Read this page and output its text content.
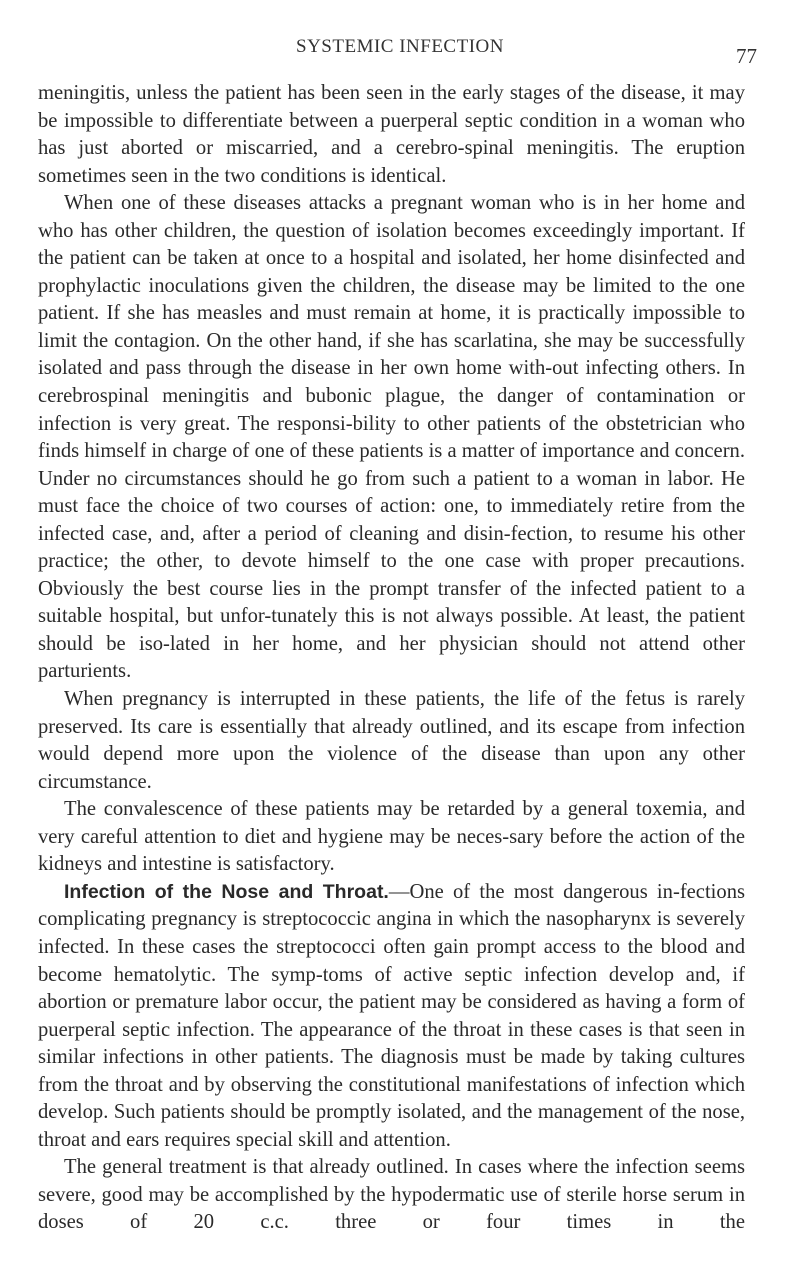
SYSTEMIC INFECTION	77

meningitis, unless the patient has been seen in the early stages of the disease, it may be impossible to differentiate between a puerperal septic condition in a woman who has just aborted or miscarried, and a cerebro-spinal meningitis. The eruption sometimes seen in the two conditions is identical.

When one of these diseases attacks a pregnant woman who is in her home and who has other children, the question of isolation becomes exceedingly important. If the patient can be taken at once to a hospital and isolated, her home disinfected and prophylactic inoculations given the children, the disease may be limited to the one patient. If she has measles and must remain at home, it is practically impossible to limit the contagion. On the other hand, if she has scarlatina, she may be successfully isolated and pass through the disease in her own home with-out infecting others. In cerebrospinal meningitis and bubonic plague, the danger of contamination or infection is very great. The responsi-bility to other patients of the obstetrician who finds himself in charge of one of these patients is a matter of importance and concern. Under no circumstances should he go from such a patient to a woman in labor. He must face the choice of two courses of action: one, to immediately retire from the infected case, and, after a period of cleaning and disin-fection, to resume his other practice; the other, to devote himself to the one case with proper precautions. Obviously the best course lies in the prompt transfer of the infected patient to a suitable hospital, but unfor-tunately this is not always possible. At least, the patient should be iso-lated in her home, and her physician should not attend other parturients.

When pregnancy is interrupted in these patients, the life of the fetus is rarely preserved. Its care is essentially that already outlined, and its escape from infection would depend more upon the violence of the disease than upon any other circumstance.

The convalescence of these patients may be retarded by a general toxemia, and very careful attention to diet and hygiene may be neces-sary before the action of the kidneys and intestine is satisfactory.

Infection of the Nose and Throat.—One of the most dangerous in-fections complicating pregnancy is streptococcic angina in which the nasopharynx is severely infected. In these cases the streptococci often gain prompt access to the blood and become hematolytic. The symp-toms of active septic infection develop and, if abortion or premature labor occur, the patient may be considered as having a form of puerperal septic infection. The appearance of the throat in these cases is that seen in similar infections in other patients. The diagnosis must be made by taking cultures from the throat and by observing the constitutional manifestations of infection which develop. Such patients should be promptly isolated, and the management of the nose, throat and ears requires special skill and attention.

The general treatment is that already outlined. In cases where the infection seems severe, good may be accomplished by the hypodermatic use of sterile horse serum in doses of 20 c.c. three or four times in the
